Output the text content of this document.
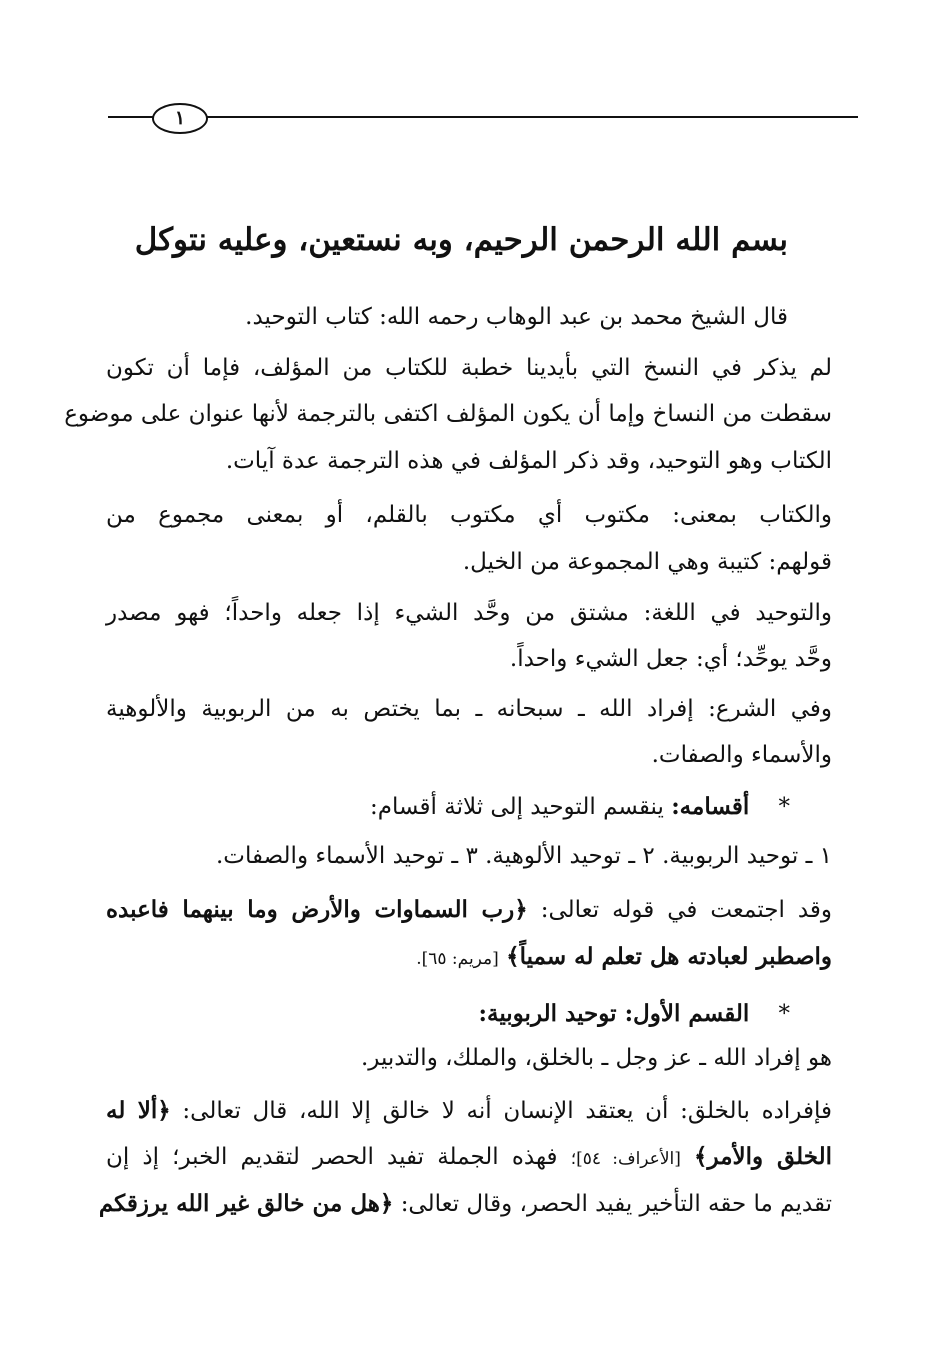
١
بسم الله الرحمن الرحيم، وبه نستعين، وعليه نتوكل
قال الشيخ محمد بن عبد الوهاب رحمه الله: كتاب التوحيد.
لم يذكر في النسخ التي بأيدينا خطبة للكتاب من المؤلف، فإما أن تكون
سقطت من النساخ وإما أن يكون المؤلف اكتفى بالترجمة لأنها عنوان على موضوع
الكتاب وهو التوحيد، وقد ذكر المؤلف في هذه الترجمة عدة آيات.
والكتاب بمعنى: مكتوب أي مكتوب بالقلم، أو بمعنى مجموع من
قولهم: كتيبة وهي المجموعة من الخيل.
والتوحيد في اللغة: مشتق من وحَّد الشيء إذا جعله واحداً؛ فهو مصدر
وحَّد يوحِّد؛ أي: جعل الشيء واحداً.
وفي الشرع: إفراد الله ـ سبحانه ـ بما يختص به من الربوبية والألوهية
والأسماء والصفات.
*    أقسامه: ينقسم التوحيد إلى ثلاثة أقسام:
١ ـ توحيد الربوبية. ٢ ـ توحيد الألوهية. ٣ ـ توحيد الأسماء والصفات.
وقد اجتمعت في قوله تعالى: ﴿رب السماوات والأرض وما بينهما فاعبده
واصطبر لعبادته هل تعلم له سمياً﴾ [مريم: ٦٥].
*    القسم الأول: توحيد الربوبية:
هو إفراد الله ـ عز وجل ـ بالخلق، والملك، والتدبير.
فإفراده بالخلق: أن يعتقد الإنسان أنه لا خالق إلا الله، قال تعالى: ﴿ألا له
الخلق والأمر﴾ [الأعراف: ٥٤]؛ فهذه الجملة تفيد الحصر لتقديم الخبر؛ إذ إن
تقديم ما حقه التأخير يفيد الحصر، وقال تعالى: ﴿هل من خالق غير الله يرزقكم
